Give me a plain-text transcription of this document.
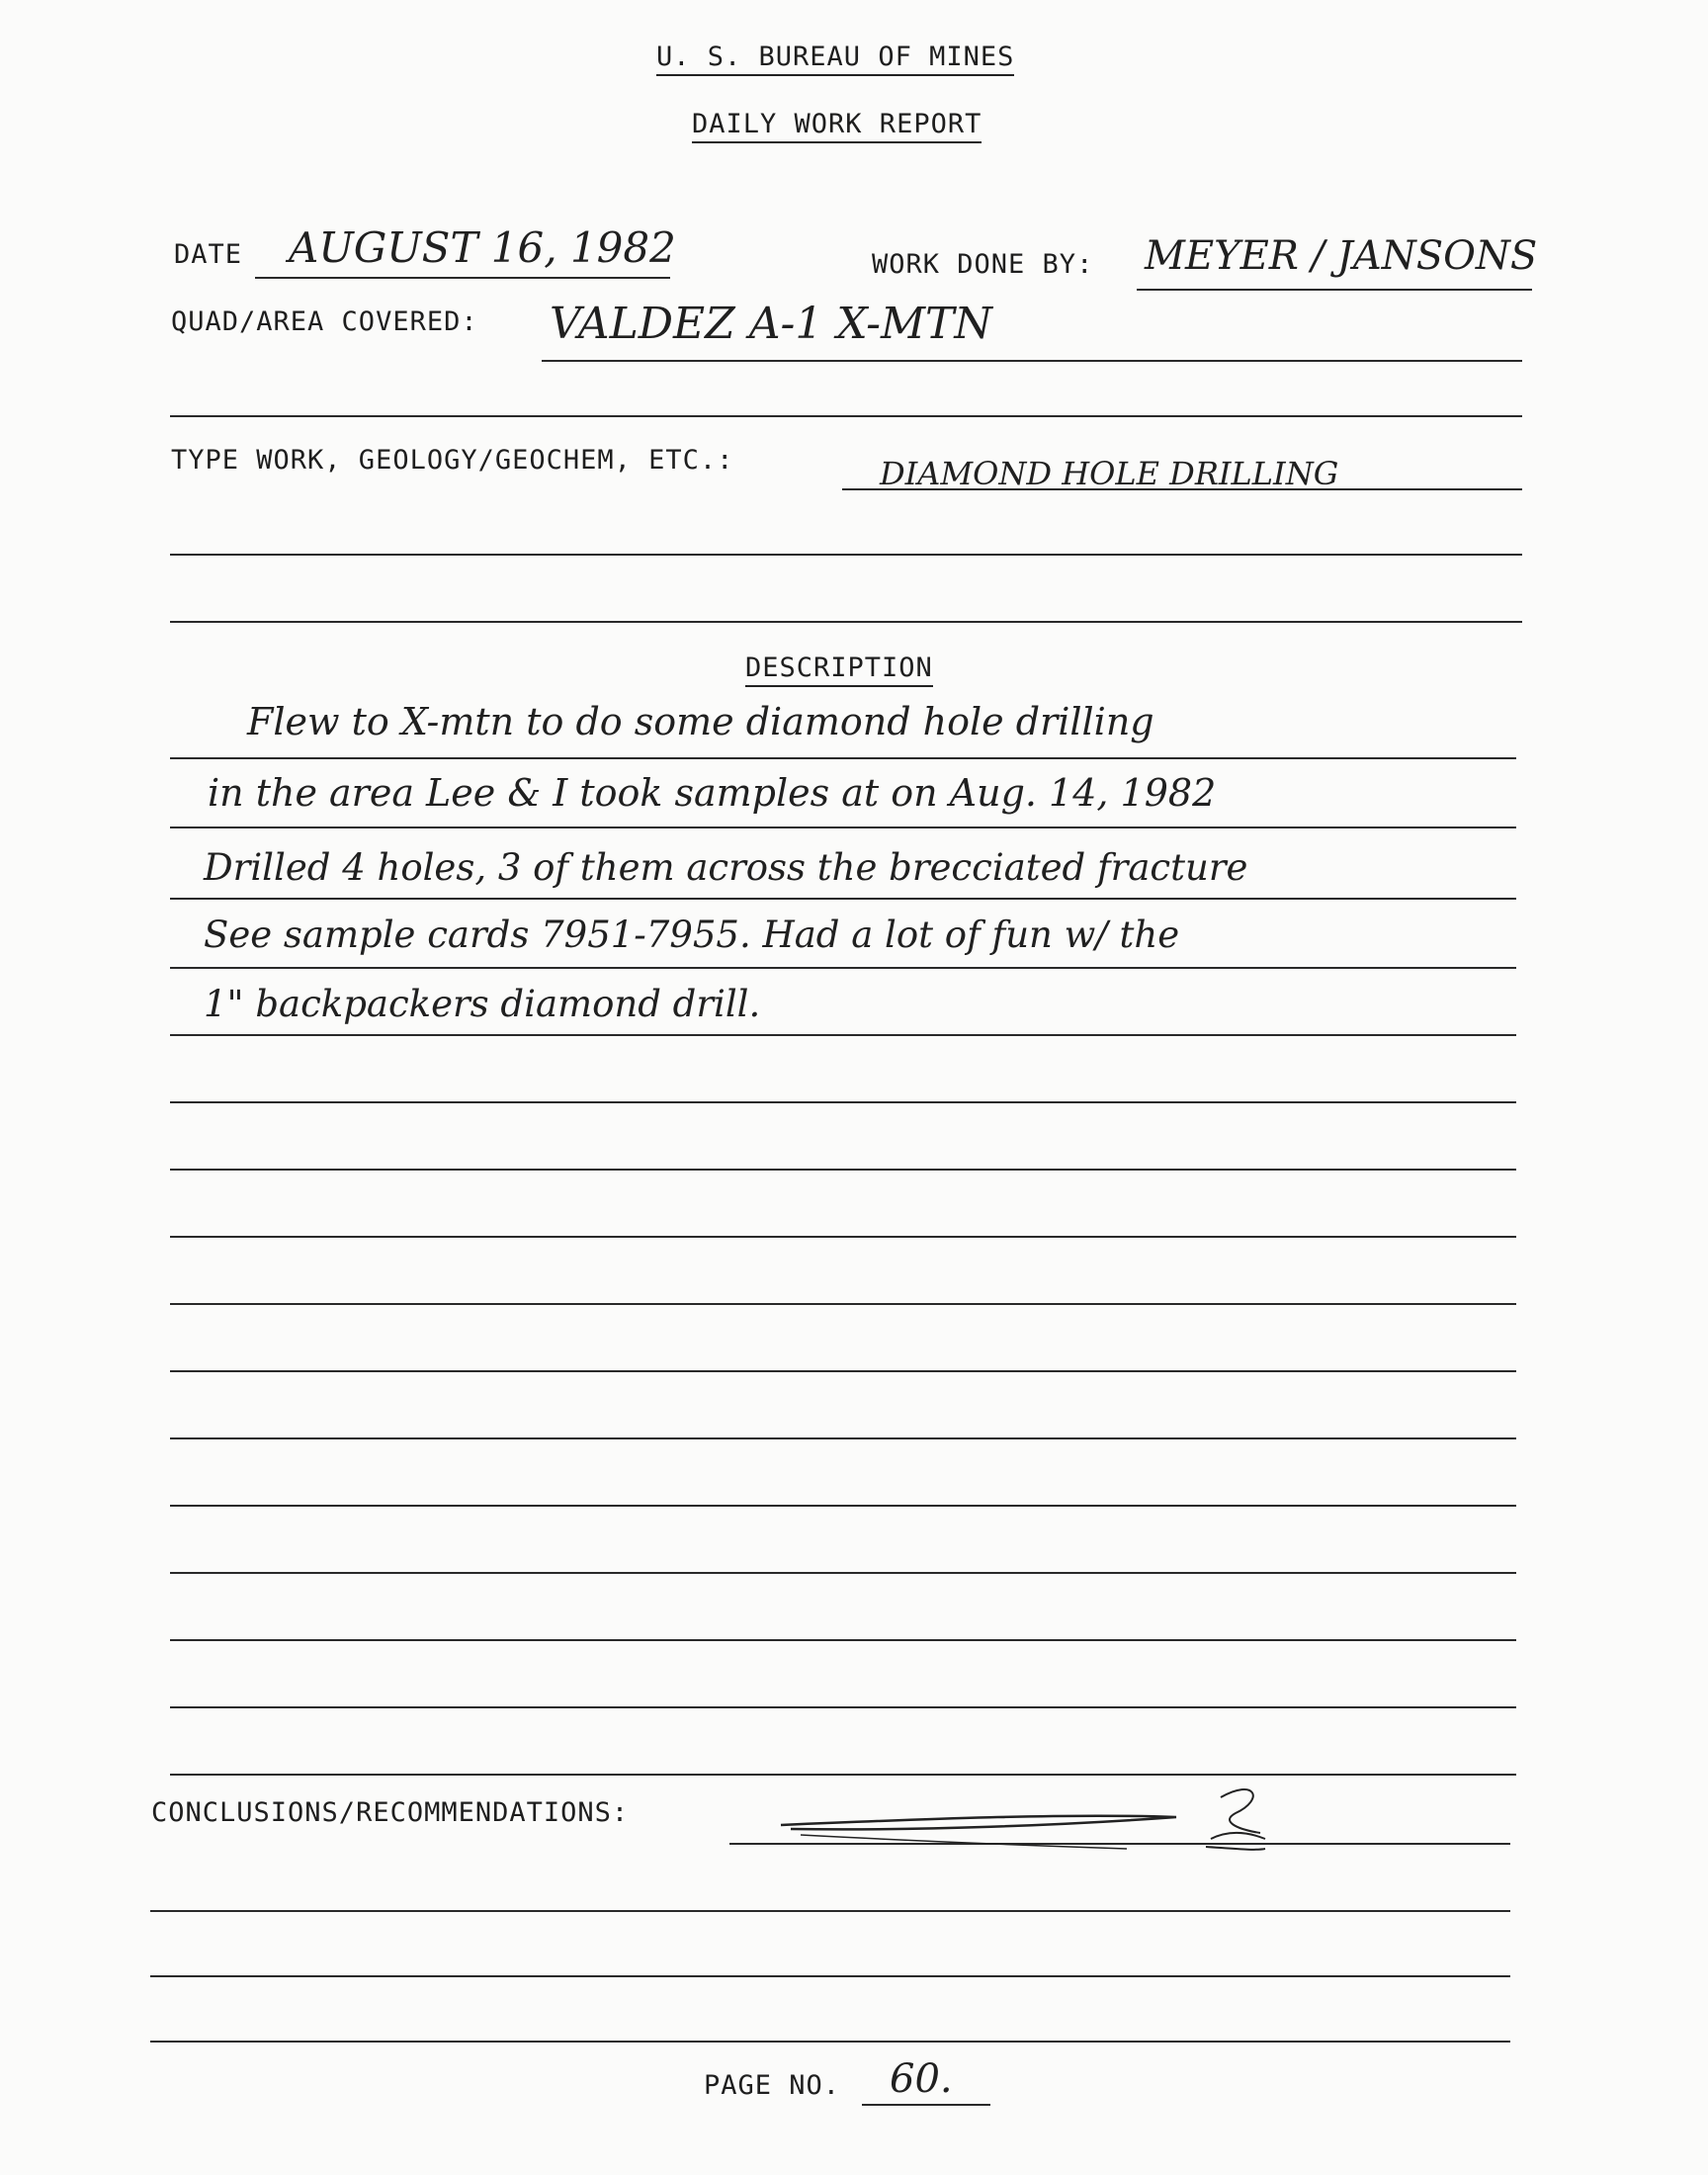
U. S. BUREAU OF MINES
DAILY WORK REPORT
DATE AUGUST 16, 1982	WORK DONE BY: MEYER / JANSONS
QUAD/AREA COVERED: VALDEZ A-1 X-MTN
TYPE WORK, GEOLOGY/GEOCHEM, ETC.:	DIAMOND HOLE DRILLING
DESCRIPTION
Flew to X-mtn to do some diamond hole drilling
in the area Lee & I took samples at on Aug. 14, 1982
Drilled 4 holes, 3 of them across the brecciated fracture
See sample cards 7951-7955. Had a lot of fun w/ the
1" backpackers diamond drill.
CONCLUSIONS/RECOMMENDATIONS:
PAGE NO. 60.
